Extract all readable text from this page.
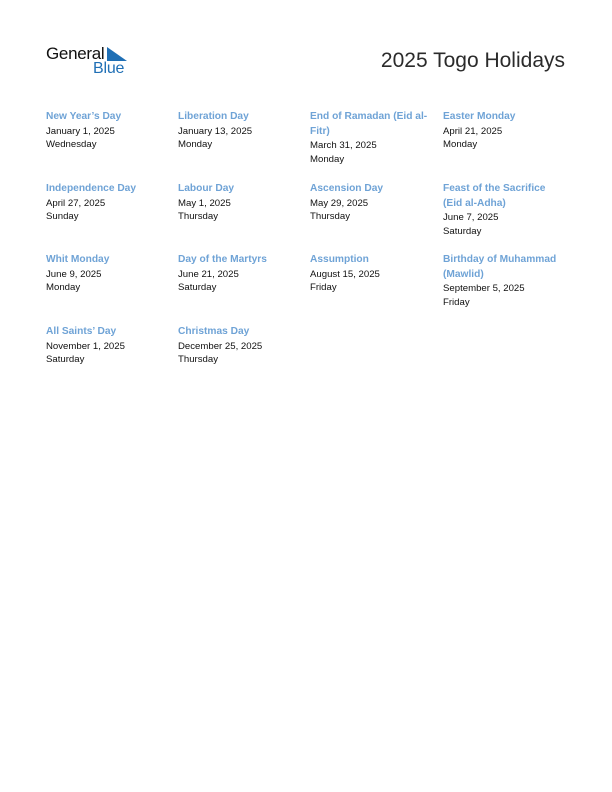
General
Blue	2025 Togo Holidays
New Year’s Day
January 1, 2025
Wednesday
Liberation Day
January 13, 2025
Monday
End of Ramadan (Eid al-Fitr)
March 31, 2025
Monday
Easter Monday
April 21, 2025
Monday
Independence Day
April 27, 2025
Sunday
Labour Day
May 1, 2025
Thursday
Ascension Day
May 29, 2025
Thursday
Feast of the Sacrifice (Eid al-Adha)
June 7, 2025
Saturday
Whit Monday
June 9, 2025
Monday
Day of the Martyrs
June 21, 2025
Saturday
Assumption
August 15, 2025
Friday
Birthday of Muhammad (Mawlid)
September 5, 2025
Friday
All Saints’ Day
November 1, 2025
Saturday
Christmas Day
December 25, 2025
Thursday
